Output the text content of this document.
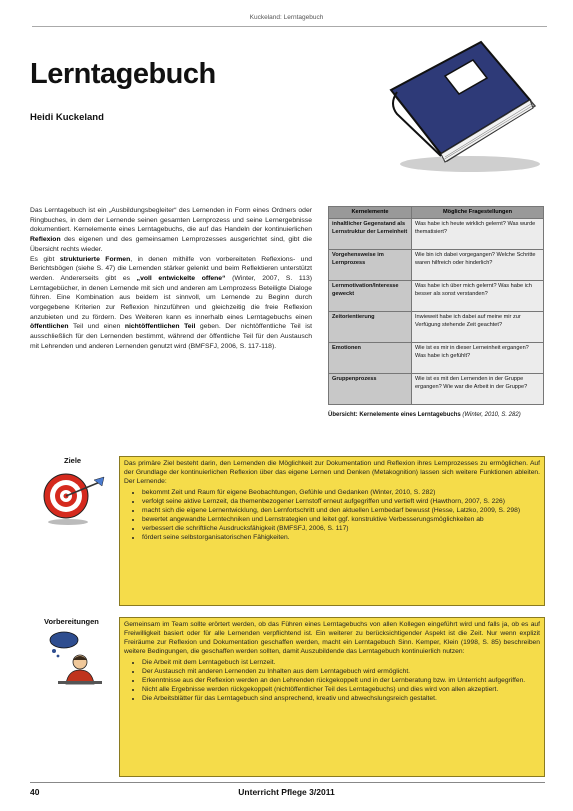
Kuckeland: Lerntagebuch
Lerntagebuch
Heidi Kuckeland
Das Lerntagebuch ist ein „Ausbildungsbegleiter“ des Lernenden in Form eines Ordners oder Ringbuches, in dem der Lernende seinen gesamten Lernprozess und seine Lernergebnisse dokumentiert. Kernelemente eines Lerntagebuchs, die auf das Handeln der kontinuierlichen Reflexion des eigenen und des gemeinsamen Lernprozesses ausgerichtet sind, gibt die Übersicht rechts wieder.
Es gibt strukturierte Formen, in denen mithilfe von vorbereiteten Reflexions- und Berichtsbögen (siehe S. 47) die Lernenden stärker gelenkt und beim Reflektieren unterstützt werden. Andererseits gibt es „voll entwickelte offene“ (Winter, 2007, S. 113) Lerntagebücher, in denen Lernende mit sich und anderen am Lernprozess Beteiligte Dialoge führen. Eine Kombination aus beidem ist sinnvoll, um Lernende zu Beginn durch vorgegebene Kriterien zur Reflexion hinzuführen und gleichzeitig die freie Reflexion anzubieten und zu fördern. Des Weiteren kann es innerhalb eines Lerntagebuchs einen öffentlichen Teil und einen nichtöffentlichen Teil geben. Der nichtöffentliche Teil ist ausschließlich für den Lernenden bestimmt, während der öffentliche Teil für den Austausch mit Lehrenden und anderen Lernenden genutzt wird (BMFSFJ, 2006, S. 117-118).
Kernelemente	Mögliche Fragestellungen
inhaltlicher Gegenstand als Lernstruktur der Lerneinheit	Was habe ich heute wirklich gelernt? Was wurde thematisiert?
Vorgehensweise im Lernprozess	Wie bin ich dabei vorgegangen? Welche Schritte waren hilfreich oder hinderlich?
Lernmotivation/Interesse geweckt	Was habe ich über mich gelernt? Was habe ich besser als sonst verstanden?
Zeitorientierung	Inwieweit habe ich dabei auf meine mir zur Verfügung stehende Zeit geachtet?
Emotionen	Wie ist es mir in dieser Lerneinheit ergangen? Was habe ich gefühlt?
Gruppenprozess	Wie ist es mit den Lernenden in der Gruppe ergangen? Wie war die Arbeit in der Gruppe?
Übersicht: Kernelemente eines Lerntagebuchs (Winter, 2010, S. 282)
Ziele	Das primäre Ziel besteht darin, den Lernenden die Möglichkeit zur Dokumentation und Reflexion ihres Lernprozesses zu ermöglichen. Auf der Grundlage der kontinuierlichen Reflexion über das eigene Lernen und Denken (Metakognition) lassen sich weitere Funktionen ableiten. Der Lernende:

• bekommt Zeit und Raum für eigene Beobachtungen, Gefühle und Gedanken (Winter, 2010, S. 282)
• verfolgt seine aktive Lernzeit, da themenbezogener Lernstoff erneut aufgegriffen und vertieft wird (Hawthorn, 2007, S. 226)
• macht sich die eigene Lernentwicklung, den Lernfortschritt und den aktuellen Lernbedarf bewusst (Hesse, Latzko, 2009, S. 298)
• bewertet angewandte Lerntechniken und Lernstrategien und leitet ggf. konstruktive Verbesserungsmöglichkeiten ab
• verbessert die schriftliche Ausdrucksfähigkeit (BMFSFJ, 2006, S. 117)
• fördert seine selbstorganisatorischen Fähigkeiten.
Vorbereitungen	Gemeinsam im Team sollte erörtert werden, ob das Führen eines Lerntagebuchs von allen Kollegen eingeführt wird und falls ja, ob es auf Freiwilligkeit basiert oder für alle Lernenden verpflichtend ist. Ein weiterer zu berücksichtigender Aspekt ist die Zeit. Nur wenn explizit Freiräume zur Reflexion und Dokumentation geschaffen werden, macht ein Lerntagebuch Sinn. Kemper, Klein (1998, S. 85) beschreiben weitere Bedingungen, die geschaffen werden sollten, damit Auszubildende das Lerntagebuch kontinuierlich nutzen:

• Die Arbeit mit dem Lerntagebuch ist Lernzeit.
• Der Austausch mit anderen Lernenden zu Inhalten aus dem Lerntagebuch wird ermöglicht.
• Erkenntnisse aus der Reflexion werden an den Lehrenden rückgekoppelt und in der Lernberatung bzw. im Unterricht aufgegriffen.
• Nicht alle Ergebnisse werden rückgekoppelt (nichtöffentlicher Teil des Lerntagebuchs) und dies wird von allen akzeptiert.
• Die Arbeitsblätter für das Lerntagebuch sind ansprechend, kreativ und abwechslungsreich gestaltet.
40	Unterricht Pflege 3/2011
